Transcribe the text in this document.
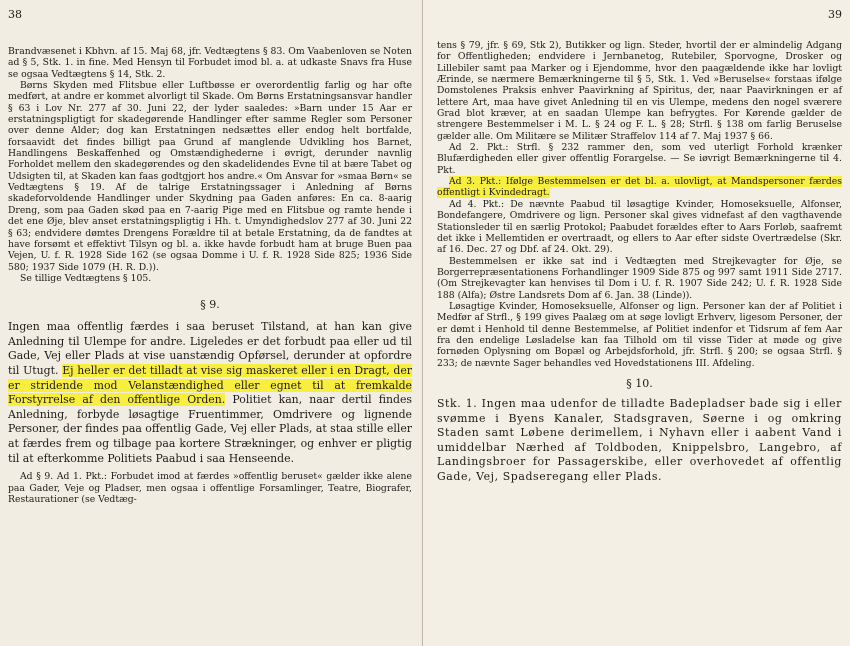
38

Brandvæsenet i Kbhvn. af 15. Maj 68, jfr. Vedtægtens § 83. Om Vaabenloven se Noten ad § 5, Stk. 1. in fine. Med Hensyn til Forbudet imod bl. a. at udkaste Snavs fra Huse se ogsaa Vedtægtens § 14, Stk. 2.

Børns Skyden med Flitsbue eller Luftbøsse er overordentlig farlig og har ofte medført, at andre er kommet alvorligt til Skade. Om Børns Erstatningsansvar handler § 63 i Lov Nr. 277 af 30. Juni 22, der lyder saaledes: »Barn under 15 Aar er erstatningspligtigt for skadegørende Handlinger efter samme Regler som Personer over denne Alder; dog kan Erstatningen nedsættes eller endog helt bortfalde, forsaavidt det findes billigt paa Grund af manglende Udvikling hos Barnet, Handlingens Beskaffenhed og Omstændighederne i øvrigt, derunder navnlig Forholdet mellem den skadegørendes og den skadelidendes Evne til at bære Tabet og Udsigten til, at Skaden kan faas godtgjort hos andre.« Om Ansvar for »smaa Børn« se Vedtægtens § 19. Af de talrige Erstatningssager i Anledning af Børns skadeforvoldende Handlinger under Skydning paa Gaden anføres: En ca. 8-aarig Dreng, som paa Gaden skød paa en 7-aarig Pige med en Flitsbue og ramte hende i det ene Øje, blev anset erstatningspligtig i Hh. t. Umyndighedslov 277 af 30. Juni 22 § 63; endvidere dømtes Drengens Forældre til at betale Erstatning, da de fandtes at have forsømt et effektivt Tilsyn og bl. a. ikke havde forbudt ham at bruge Buen paa Vejen, U. f. R. 1928 Side 162 (se ogsaa Domme i U. f. R. 1928 Side 825; 1936 Side 580; 1937 Side 1079 (H. R. D.)).

Se tillige Vedtægtens § 105.

§ 9.

Ingen maa offentlig færdes i saa beruset Tilstand, at han kan give Anledning til Ulempe for andre. Ligeledes er det forbudt paa eller ud til Gade, Vej eller Plads at vise uanstændig Opførsel, derunder at opfordre til Utugt. Ej heller er det tilladt at vise sig maskeret eller i en Dragt, der er stridende mod Velanstændighed eller egnet til at fremkalde Forstyrrelse af den offentlige Orden. Politiet kan, naar dertil findes Anledning, forbyde løsagtige Fruentimmer, Omdrivere og lignende Personer, der findes paa offentlig Gade, Vej eller Plads, at staa stille eller at færdes frem og tilbage paa kortere Strækninger, og enhver er pligtig til at efterkomme Politiets Paabud i saa Henseende.

Ad § 9. Ad 1. Pkt.: Forbudet imod at færdes »offentlig beruset« gælder ikke alene paa Gader, Veje og Pladser, men ogsaa i offentlige Forsamlinger, Teatre, Biografer, Restaurationer (se Vedtæg-

39

tens § 79, jfr. § 69, Stk 2), Butikker og lign. Steder, hvortil der er almindelig Adgang for Offentligheden; endvidere i Jernbanetog, Rutebiler, Sporvogne, Drosker og Lillebiler samt paa Marker og i Ejendomme, hvor den paagældende ikke har lovligt Ærinde, se nærmere Bemærkningerne til § 5, Stk. 1. Ved »Beruselse« forstaas ifølge Domstolenes Praksis enhver Paavirkning af Spiritus, der, naar Paavirkningen er af lettere Art, maa have givet Anledning til en vis Ulempe, medens den nogel sværere Grad blot kræver, at en saadan Ulempe kan befrygtes. For Kørende gælder de strengere Bestemmelser i M. L. § 24 og F. L. § 28; Strfl. § 138 om farlig Beruselse gælder alle. Om Militære se Militær Straffelov 114 af 7. Maj 1937 § 66.

Ad 2. Pkt.: Strfl. § 232 rammer den, som ved uterligt Forhold krænker Blufærdigheden eller giver offentlig Forargelse. — Se iøvrigt Bemærkningerne til 4. Pkt.

Ad 3. Pkt.: Ifølge Bestemmelsen er det bl. a. ulovligt, at Mandspersoner færdes offentligt i Kvindedragt.

Ad 4. Pkt.: De nævnte Paabud til løsagtige Kvinder, Homoseksuelle, Alfonser, Bondefangere, Omdrivere og lign. Personer skal gives vidnefast af den vagthavende Stationsleder til en særlig Protokol; Paabudet forældes efter to Aars Forløb, saafremt det ikke i Mellemtiden er overtraadt, og ellers to Aar efter sidste Overtrædelse (Skr. af 16. Dec. 27 og Dbf. af 24. Okt. 29).

Bestemmelsen er ikke sat ind i Vedtægten med Strejkevagter for Øje, se Borgerrepræsentationens Forhandlinger 1909 Side 875 og 997 samt 1911 Side 2717. (Om Strejkevagter kan henvises til Dom i U. f. R. 1907 Side 242; U. f. R. 1928 Side 188 (Alfa); Østre Landsrets Dom af 6. Jan. 38 (Linde)).

Løsagtige Kvinder, Homoseksuelle, Alfonser og lign. Personer kan der af Politiet i Medfør af Strfl., § 199 gives Paalæg om at søge lovligt Erhverv, ligesom Personer, der er dømt i Henhold til denne Bestemmelse, af Politiet indenfor et Tidsrum af fem Aar fra den endelige Løsladelse kan faa Tilhold om til visse Tider at møde og give fornøden Oplysning om Bopæl og Arbejdsforhold, jfr. Strfl. § 200; se ogsaa Strfl. § 233; de nævnte Sager behandles ved Hovedstationens III. Afdeling.

§ 10.

Stk. 1. Ingen maa udenfor de tilladte Badepladser bade sig i eller svømme i Byens Kanaler, Stadsgraven, Søerne i og omkring Staden samt Løbene derimellem, i Nyhavn eller i aabent Vand i umiddelbar Nærhed af Toldboden, Knippelsbro, Langebro, af Landingsbroer for Passagerskibe, eller overhovedet af offentlig Gade, Vej, Spadseregang eller Plads.
